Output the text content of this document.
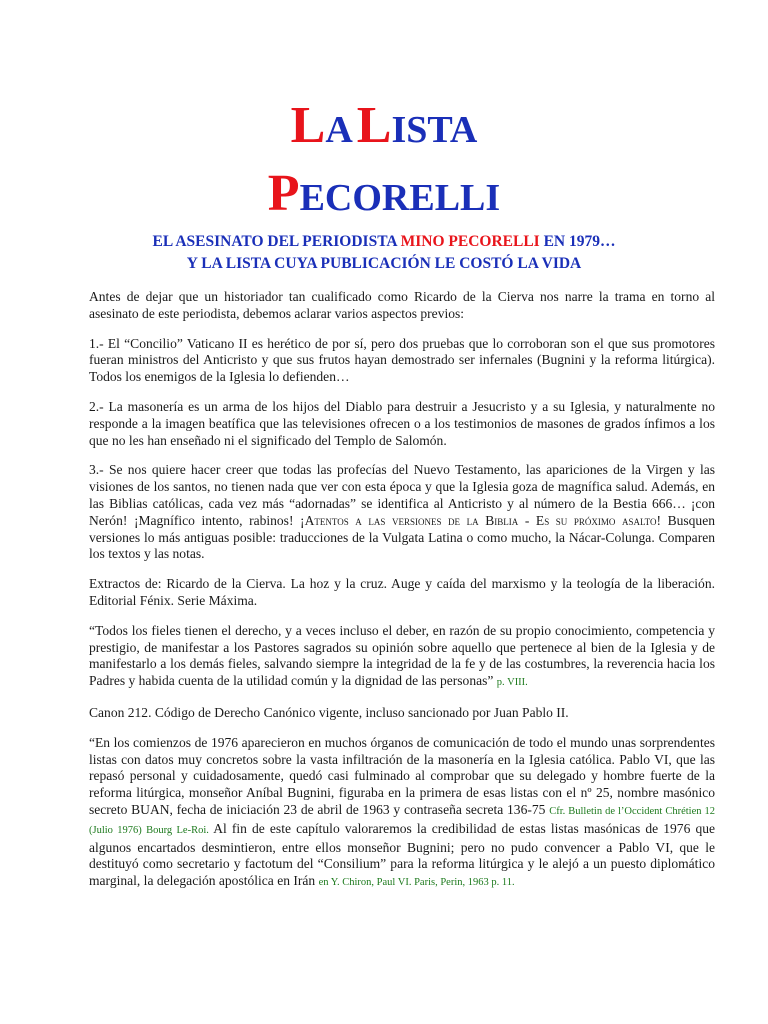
LA LISTA
PECORELLI
EL ASESINATO DEL PERIODISTA MINO PECORELLI EN 1979…
Y LA LISTA CUYA PUBLICACIÓN LE COSTÓ LA VIDA

Antes de dejar que un historiador tan cualificado como Ricardo de la Cierva nos narre la trama en torno al asesinato de este periodista, debemos aclarar varios aspectos previos:

1.- El “Concilio” Vaticano II es herético de por sí, pero dos pruebas que lo corroboran son el que sus promotores fueran ministros del Anticristo y que sus frutos hayan demostrado ser infernales (Bugnini y la reforma litúrgica). Todos los enemigos de la Iglesia lo defienden…

2.- La masonería es un arma de los hijos del Diablo para destruir a Jesucristo y a su Iglesia, y naturalmente no responde a la imagen beatífica que las televisiones ofrecen o a los testimonios de masones de grados ínfimos a los que no les han enseñado ni el significado del Templo de Salomón.

3.- Se nos quiere hacer creer que todas las profecías del Nuevo Testamento, las apariciones de la Virgen y las visiones de los santos, no tienen nada que ver con esta época y que la Iglesia goza de magnífica salud. Además, en las Biblias católicas, cada vez más “adornadas” se identifica al Anticristo y al número de la Bestia 666… ¡con Nerón! ¡Magnífico intento, rabinos! ¡Atentos a las versiones de la Biblia - Es su próximo asalto! Busquen versiones lo más antiguas posible: traducciones de la Vulgata Latina o como mucho, la Nácar-Colunga. Comparen los textos y las notas.

Extractos de: Ricardo de la Cierva. La hoz y la cruz. Auge y caída del marxismo y la teología de la liberación. Editorial Fénix. Serie Máxima.

“Todos los fieles tienen el derecho, y a veces incluso el deber, en razón de su propio conocimiento, competencia y prestigio, de manifestar a los Pastores sagrados su opinión sobre aquello que pertenece al bien de la Iglesia y de manifestarlo a los demás fieles, salvando siempre la integridad de la fe y de las costumbres, la reverencia hacia los Padres y habida cuenta de la utilidad común y la dignidad de las personas” p. VIII.

Canon 212. Código de Derecho Canónico vigente, incluso sancionado por Juan Pablo II.

“En los comienzos de 1976 aparecieron en muchos órganos de comunicación de todo el mundo unas sorprendentes listas con datos muy concretos sobre la vasta infiltración de la masonería en la Iglesia católica. Pablo VI, que las repasó personal y cuidadosamente, quedó casi fulminado al comprobar que su delegado y hombre fuerte de la reforma litúrgica, monseñor Aníbal Bugnini, figuraba en la primera de esas listas con el nº 25, nombre masónico secreto BUAN, fecha de iniciación 23 de abril de 1963 y contraseña secreta 136-75 Cfr. Bulletin de l’Occident Chrétien 12 (Julio 1976) Bourg Le-Roi. Al fin de este capítulo valoraremos la credibilidad de estas listas masónicas de 1976 que algunos encartados desmintieron, entre ellos monseñor Bugnini; pero no pudo convencer a Pablo VI, que le destituyó como secretario y factotum del “Consilium” para la reforma litúrgica y le alejó a un puesto diplomático marginal, la delegación apostólica en Irán en Y. Chiron, Paul VI. Paris, Perin, 1963 p. 11.
